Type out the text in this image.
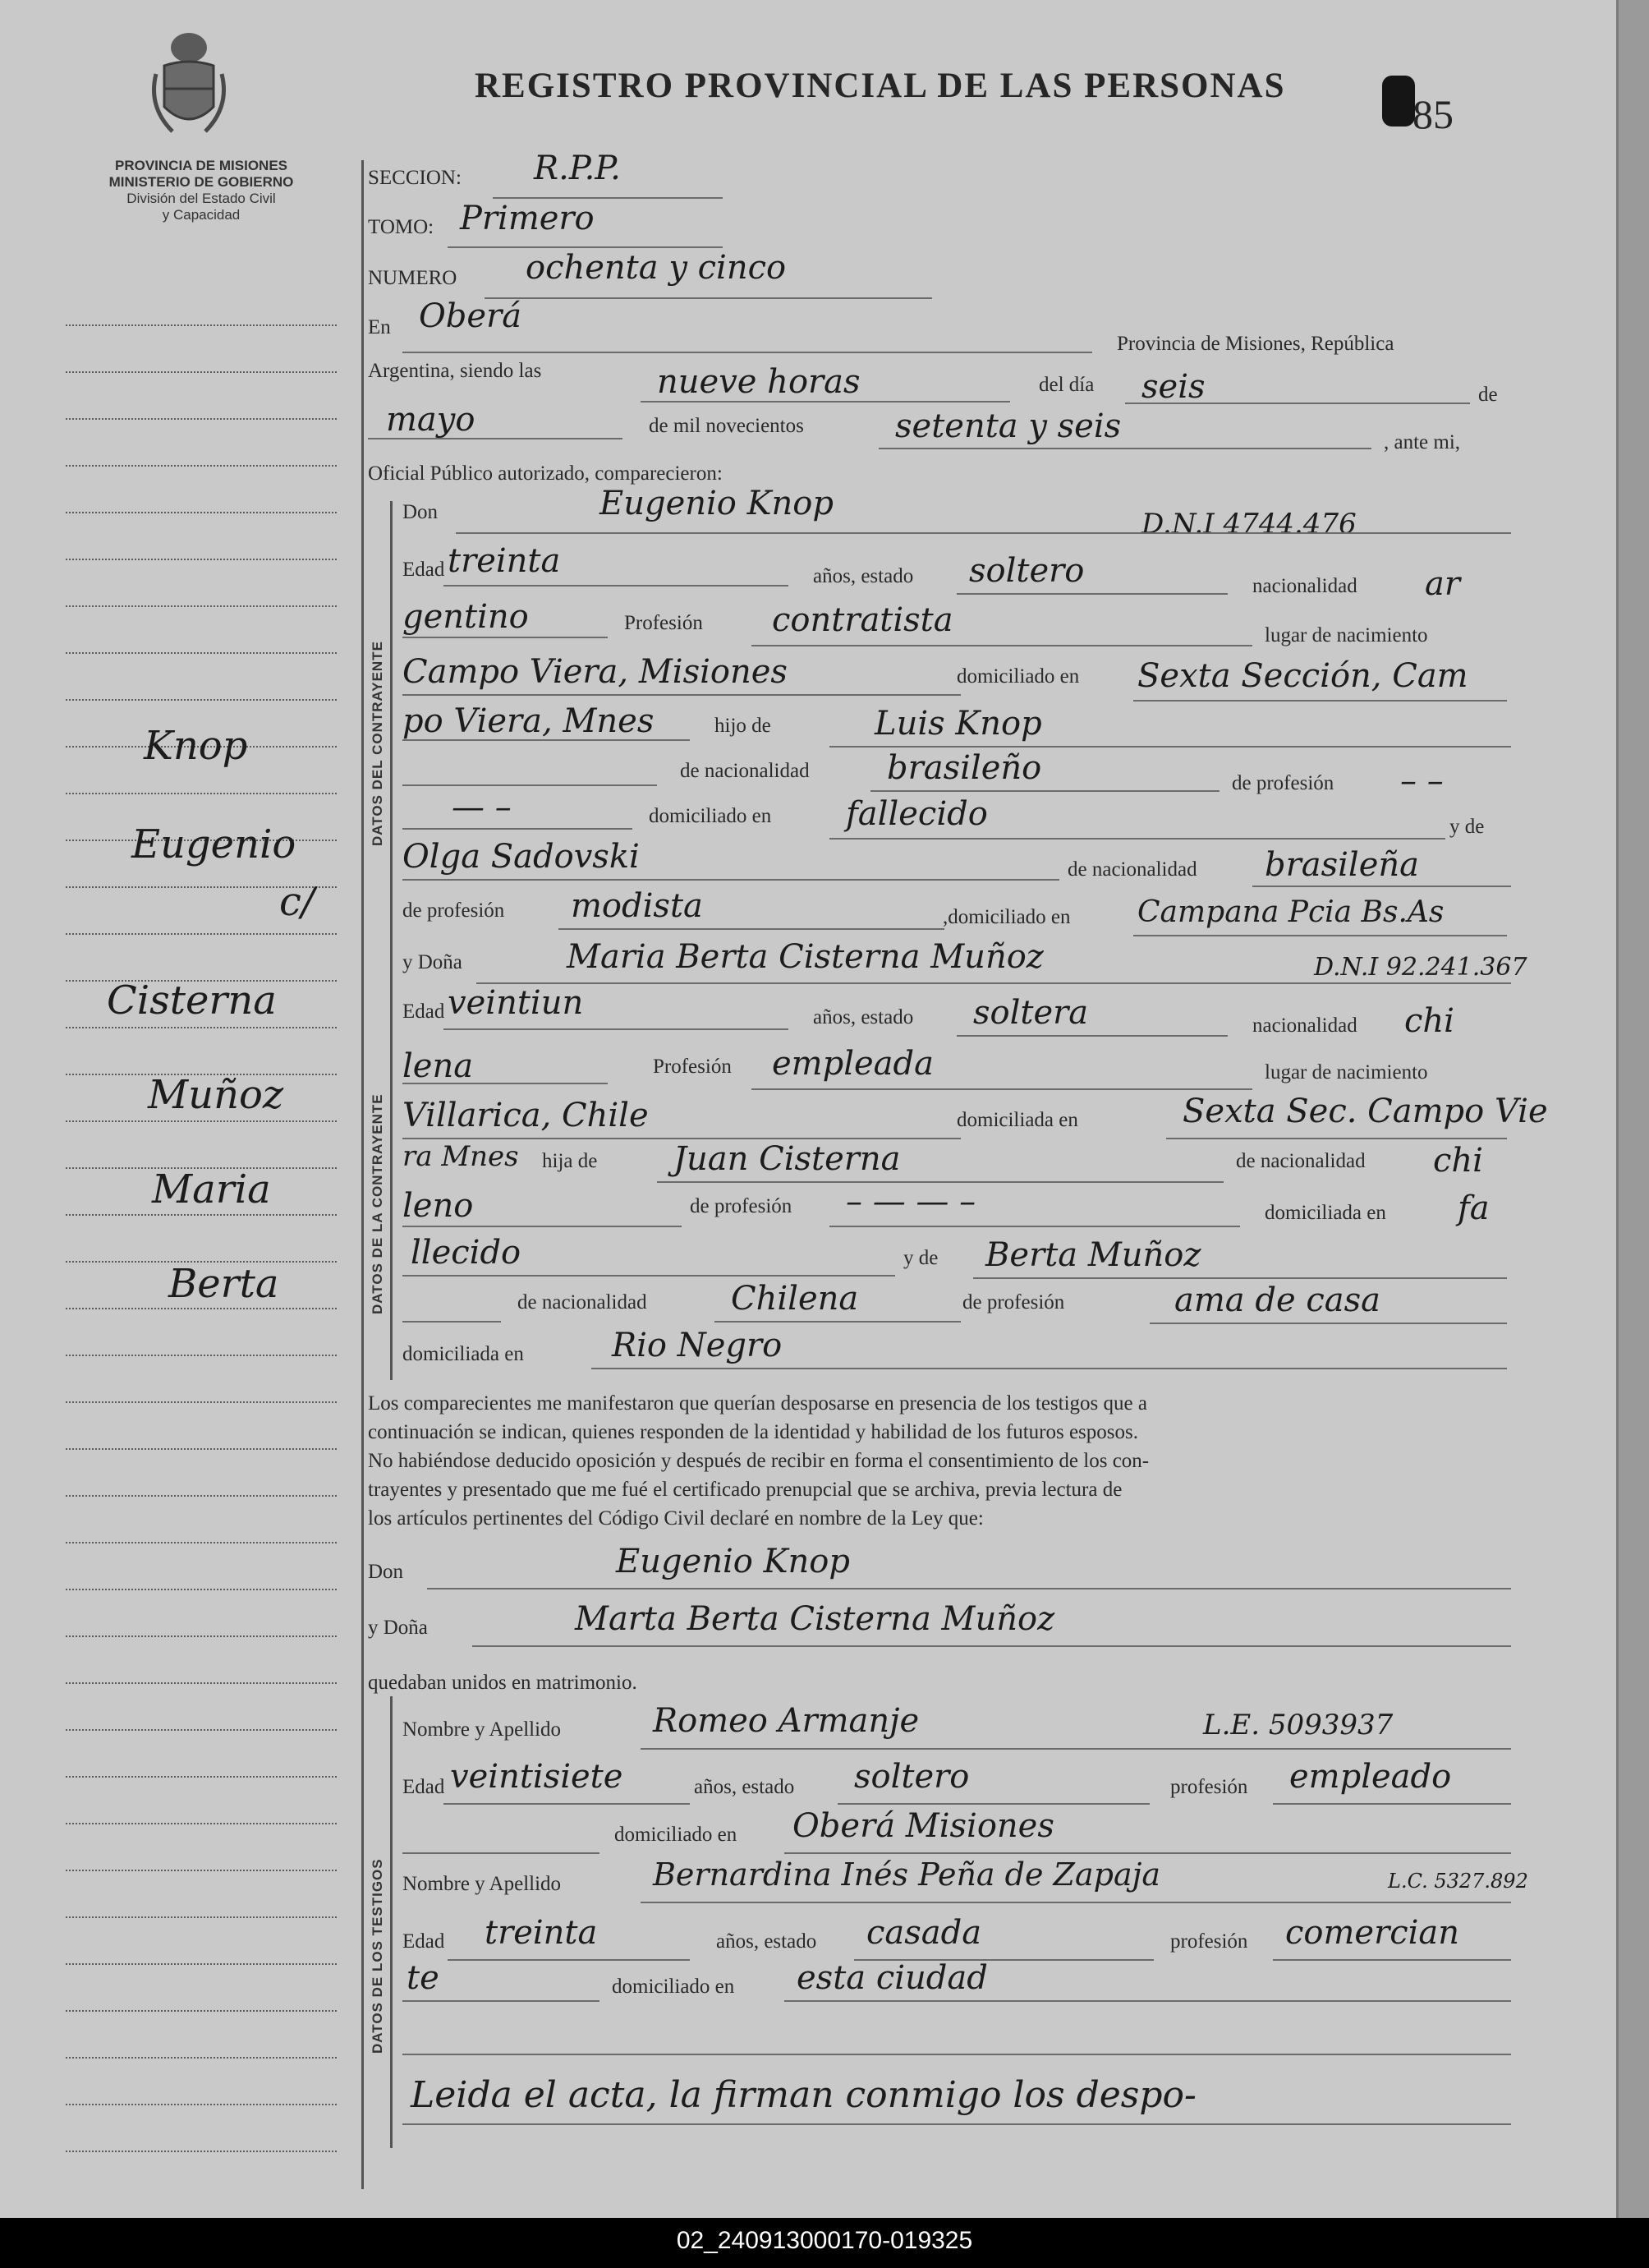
PROVINCIA DE MISIONES
MINISTERIO DE GOBIERNO
División del Estado Civil
y Capacidad
REGISTRO PROVINCIAL DE LAS PERSONAS
85
Knop
Eugenio
c/
Cisterna
Muñoz
Maria
Berta
SECCION: R.P.P.
TOMO: Primero
NUMERO ochenta y cinco
En Oberá
Provincia de Misiones, República
Argentina, siendo las	nueve horas	del día seis	de
mayo	de mil novecientos	setenta y seis	, ante mi,
Oficial Público autorizado, comparecieron:
DATOS DEL CONTRAYENTE
Don	Eugenio Knop
D.N.I 4744.476
Edad treinta	años, estado soltero	nacionalidad ar
gentino	Profesión contratista	lugar de nacimiento
Campo Viera, Misiones	domiciliado en Sexta Sección, Cam
po Viera, Mnes	hijo de	Luis Knop
de nacionalidad brasileño	de profesión – –
— –	domiciliado en fallecido	y de
Olga Sadovski	de nacionalidad brasileña
de profesión modista	,domiciliado en Campana Pcia Bs.As
DATOS DE LA CONTRAYENTE
y Doña	Maria Berta Cisterna Muñoz	D.N.I 92.241.367
Edad veintiun	años, estado soltera	nacionalidad chi
lena	Profesión empleada	lugar de nacimiento
Villarica, Chile	domiciliada en	Sexta Sec. Campo Vie
ra Mnes hija de Juan Cisterna	de nacionalidad chi
leno	de profesión – — — –	domiciliada en fa
llecido	y de Berta Muñoz
de nacionalidad	Chilena	de profesión	ama de casa
domiciliada en	Rio Negro
Los comparecientes me manifestaron que querían desposarse en presencia de los testigos que a
continuación se indican, quienes responden de la identidad y habilidad de los futuros esposos.
No habiéndose deducido oposición y después de recibir en forma el consentimiento de los con-
trayentes y presentado que me fué el certificado prenupcial que se archiva, previa lectura de
los artículos pertinentes del Código Civil declaré en nombre de la Ley que:
Don	Eugenio Knop
y Doña	Marta Berta Cisterna Muñoz
quedaban unidos en matrimonio.
DATOS DE LOS TESTIGOS
Nombre y Apellido	Romeo Armanje	L.E. 5093937
Edad veintisiete	años, estado soltero	profesión empleado
domiciliado en Oberá Misiones
Nombre y Apellido	Bernardina Inés Peña de Zapaja	L.C. 5327.892
Edad treinta	años, estado casada	profesión comercian
te	domiciliado en esta ciudad
Leida el acta, la firman conmigo los despo-
02_240913000170-019325
